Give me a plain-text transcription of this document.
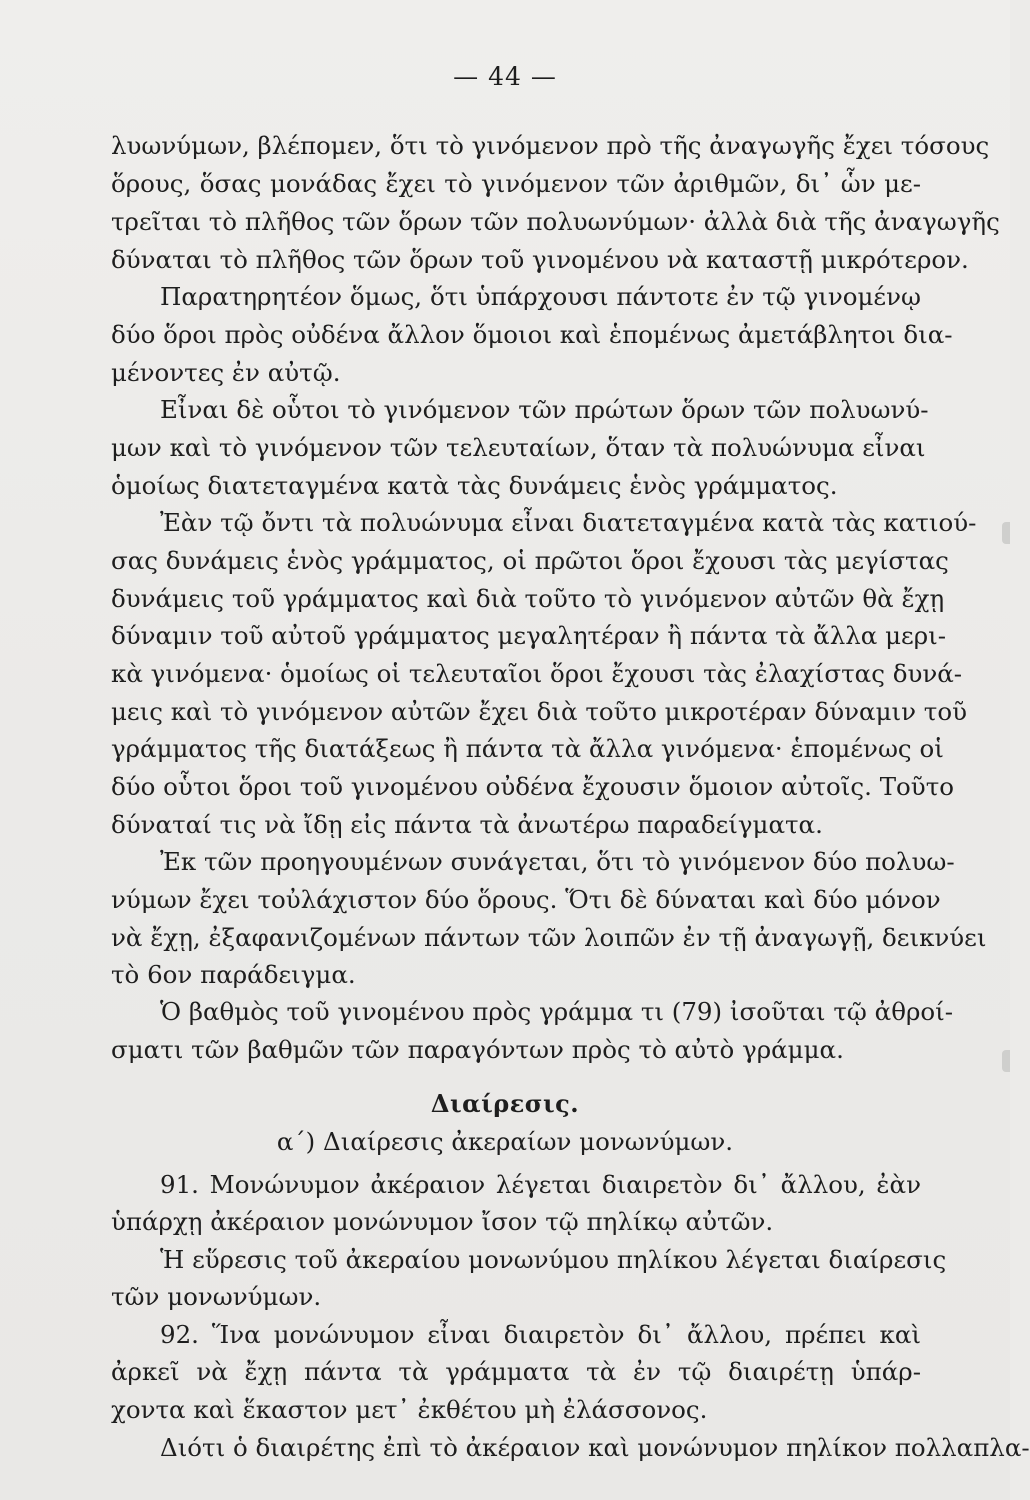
— 44 —
λυωνύμων, βλέπομεν, ὅτι τὸ γινόμενον πρὸ τῆς ἀναγωγῆς ἔχει τόσους
ὅρους, ὅσας μονάδας ἔχει τὸ γινόμενον τῶν ἀριθμῶν, δι᾽ ὧν με-
τρεῖται τὸ πλῆθος τῶν ὅρων τῶν πολυωνύμων· ἀλλὰ διὰ τῆς ἀναγωγῆς
δύναται τὸ πλῆθος τῶν ὅρων τοῦ γινομένου νὰ καταστῇ μικρότερον.
Παρατηρητέον ὅμως, ὅτι ὑπάρχουσι πάντοτε ἐν τῷ γινομένῳ
δύο ὅροι πρὸς οὐδένα ἄλλον ὅμοιοι καὶ ἑπομένως ἀμετάβλητοι δια-
μένοντες ἐν αὐτῷ.
Εἶναι δὲ οὗτοι τὸ γινόμενον τῶν πρώτων ὅρων τῶν πολυωνύ-
μων καὶ τὸ γινόμενον τῶν τελευταίων, ὅταν τὰ πολυώνυμα εἶναι
ὁμοίως διατεταγμένα κατὰ τὰς δυνάμεις ἑνὸς γράμματος.
Ἐὰν τῷ ὄντι τὰ πολυώνυμα εἶναι διατεταγμένα κατὰ τὰς κατιού-
σας δυνάμεις ἑνὸς γράμματος, οἱ πρῶτοι ὅροι ἔχουσι τὰς μεγίστας
δυνάμεις τοῦ γράμματος καὶ διὰ τοῦτο τὸ γινόμενον αὐτῶν θὰ ἔχῃ
δύναμιν τοῦ αὐτοῦ γράμματος μεγαλητέραν ἢ πάντα τὰ ἄλλα μερι-
κὰ γινόμενα· ὁμοίως οἱ τελευταῖοι ὅροι ἔχουσι τὰς ἐλαχίστας δυνά-
μεις καὶ τὸ γινόμενον αὐτῶν ἔχει διὰ τοῦτο μικροτέραν δύναμιν τοῦ
γράμματος τῆς διατάξεως ἢ πάντα τὰ ἄλλα γινόμενα· ἑπομένως οἱ
δύο οὗτοι ὅροι τοῦ γινομένου οὐδένα ἔχουσιν ὅμοιον αὐτοῖς. Τοῦτο
δύναταί τις νὰ ἴδῃ εἰς πάντα τὰ ἀνωτέρω παραδείγματα.
Ἐκ τῶν προηγουμένων συνάγεται, ὅτι τὸ γινόμενον δύο πολυω-
νύμων ἔχει τοὐλάχιστον δύο ὅρους. Ὅτι δὲ δύναται καὶ δύο μόνον
νὰ ἔχῃ, ἐξαφανιζομένων πάντων τῶν λοιπῶν ἐν τῇ ἀναγωγῇ, δεικνύει
τὸ 6ον παράδειγμα.
Ὁ βαθμὸς τοῦ γινομένου πρὸς γράμμα τι (79) ἰσοῦται τῷ ἀθροί-
σματι τῶν βαθμῶν τῶν παραγόντων πρὸς τὸ αὐτὸ γράμμα.
Διαίρεσις.
α΄) Διαίρεσις ἀκεραίων μονωνύμων.
91. Μονώνυμον ἀκέραιον λέγεται διαιρετὸν δι᾽ ἄλλου, ἐὰν
ὑπάρχῃ ἀκέραιον μονώνυμον ἴσον τῷ πηλίκῳ αὐτῶν.
Ἡ εὕρεσις τοῦ ἀκεραίου μονωνύμου πηλίκου λέγεται διαίρεσις
τῶν μονωνύμων.
92. Ἵνα μονώνυμον εἶναι διαιρετὸν δι᾽ ἄλλου, πρέπει καὶ
ἀρκεῖ νὰ ἔχῃ πάντα τὰ γράμματα τὰ ἐν τῷ διαιρέτῃ ὑπάρ-
χοντα καὶ ἕκαστον μετ᾽ ἐκθέτου μὴ ἐλάσσονος.
Διότι ὁ διαιρέτης ἐπὶ τὸ ἀκέραιον καὶ μονώνυμον πηλίκον πολλαπλα-
